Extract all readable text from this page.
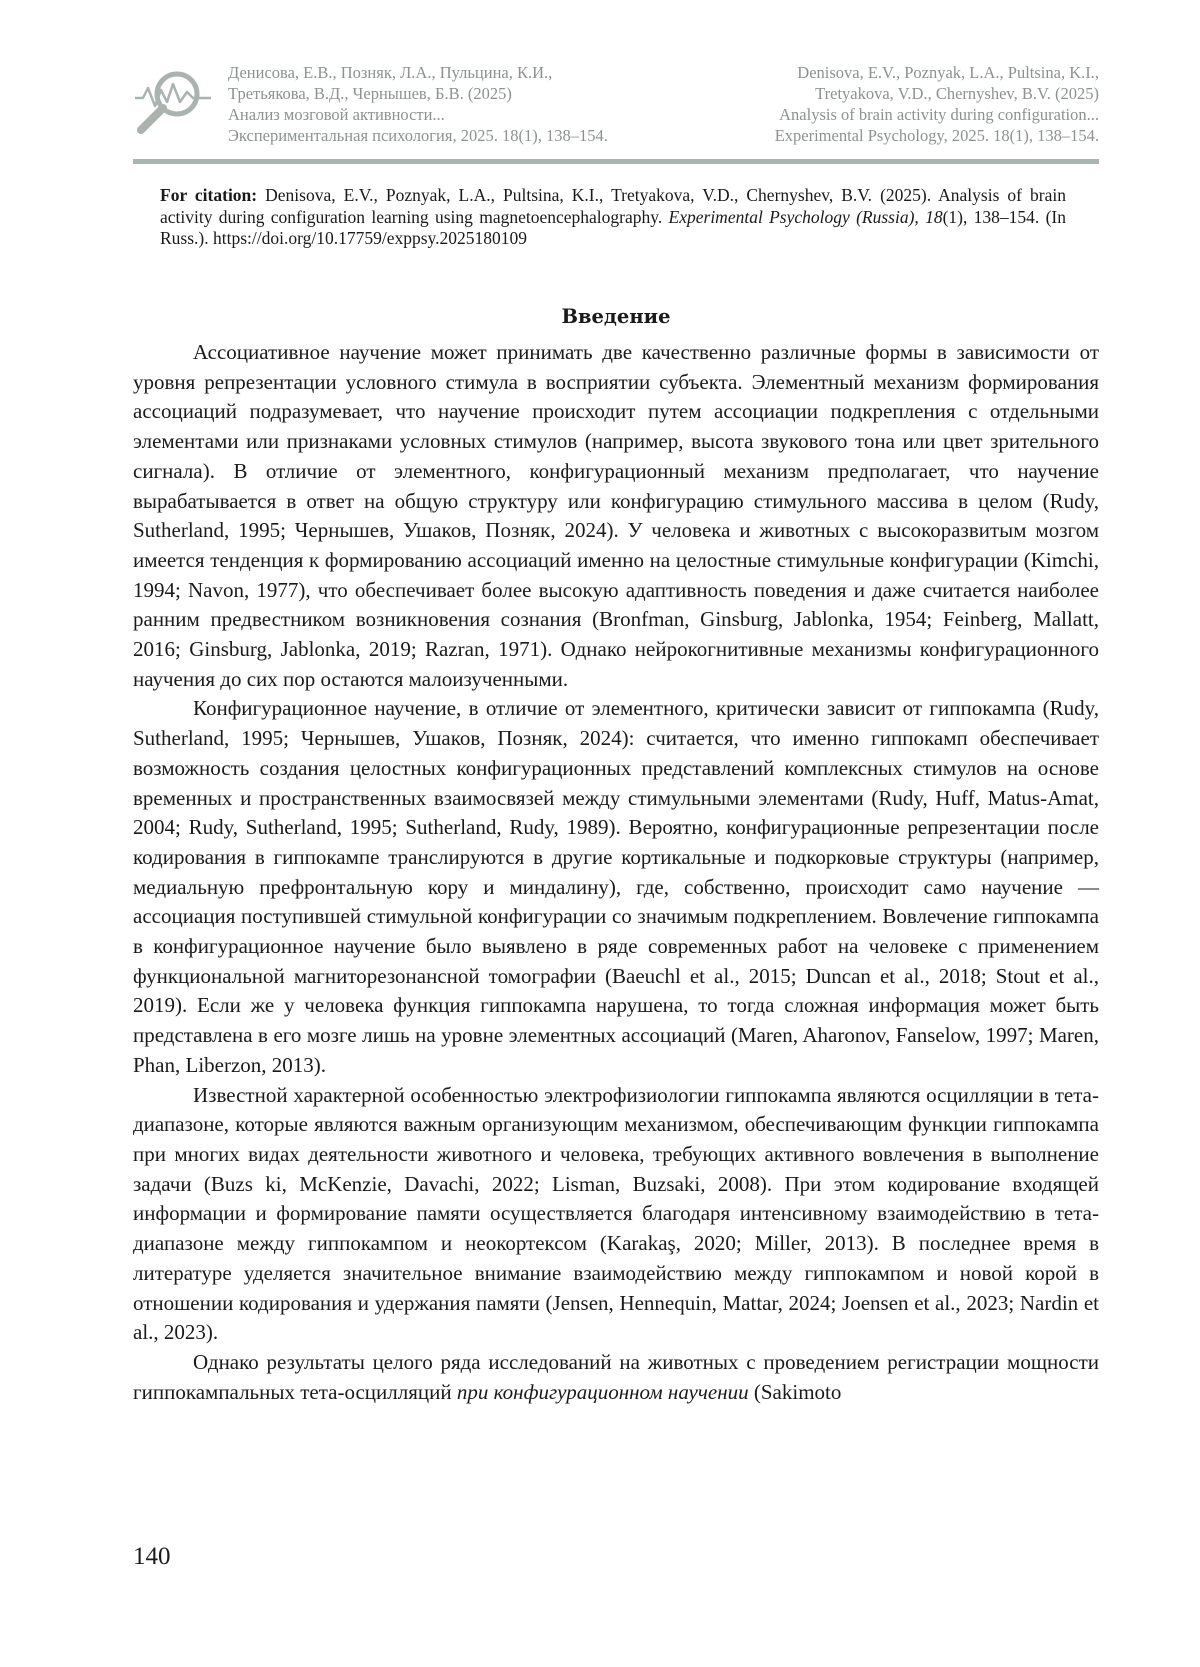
Денисова, Е.В., Позняк, Л.А., Пульцина, К.И.,
Третьякова, В.Д., Чернышев, Б.В. (2025)
Анализ мозговой активности...
Экспериментальная психология, 2025. 18(1), 138–154.
Denisova, E.V., Poznyak, L.A., Pultsina, K.I.,
Tretyakova, V.D., Chernyshev, B.V. (2025)
Analysis of brain activity during configuration...
Experimental Psychology, 2025. 18(1), 138–154.
For citation: Denisova, E.V., Poznyak, L.A., Pultsina, K.I., Tretyakova, V.D., Chernyshev, B.V. (2025). Analysis of brain activity during configuration learning using magnetoencephalography. Experimental Psychology (Russia), 18(1), 138–154. (In Russ.). https://doi.org/10.17759/exppsy.2025180109
Введение

Ассоциативное научение может принимать две качественно различные формы в зависимости от уровня репрезентации условного стимула в восприятии субъекта. Элементный механизм формирования ассоциаций подразумевает, что научение происходит путем ассоциации подкрепления с отдельными элементами или признаками условных стимулов (например, высота звукового тона или цвет зрительного сигнала). В отличие от элементного, конфигурационный механизм предполагает, что научение вырабатывается в ответ на общую структуру или конфигурацию стимульного массива в целом (Rudy, Sutherland, 1995; Чернышев, Ушаков, Позняк, 2024). У человека и животных с высокоразвитым мозгом имеется тенденция к формированию ассоциаций именно на целостные стимульные конфигурации (Kimchi, 1994; Navon, 1977), что обеспечивает более высокую адаптивность поведения и даже считается наиболее ранним предвестником возникновения сознания (Bronfman, Ginsburg, Jablonka, 1954; Feinberg, Mallatt, 2016; Ginsburg, Jablonka, 2019; Razran, 1971). Однако нейрокогнитивные механизмы конфигурационного научения до сих пор остаются малоизученными.

Конфигурационное научение, в отличие от элементного, критически зависит от гиппокампа (Rudy, Sutherland, 1995; Чернышев, Ушаков, Позняк, 2024): считается, что именно гиппокамп обеспечивает возможность создания целостных конфигурационных представлений комплексных стимулов на основе временных и пространственных взаимосвязей между стимульными элементами (Rudy, Huff, Matus-Amat, 2004; Rudy, Sutherland, 1995; Sutherland, Rudy, 1989). Вероятно, конфигурационные репрезентации после кодирования в гиппокампе транслируются в другие кортикальные и подкорковые структуры (например, медиальную префронтальную кору и миндалину), где, собственно, происходит само научение — ассоциация поступившей стимульной конфигурации со значимым подкреплением. Вовлечение гиппокампа в конфигурационное научение было выявлено в ряде современных работ на человеке с применением функциональной магниторезонансной томографии (Baeuchl et al., 2015; Duncan et al., 2018; Stout et al., 2019). Если же у человека функция гиппокампа нарушена, то тогда сложная информация может быть представлена в его мозге лишь на уровне элементных ассоциаций (Maren, Aharonov, Fanselow, 1997; Maren, Phan, Liberzon, 2013).

Известной характерной особенностью электрофизиологии гиппокампа являются осцилляции в тета-диапазоне, которые являются важным организующим механизмом, обеспечивающим функции гиппокампа при многих видах деятельности животного и человека, требующих активного вовлечения в выполнение задачи (Buzs ki, McKenzie, Davachi, 2022; Lisman, Buzsaki, 2008). При этом кодирование входящей информации и формирование памяти осуществляется благодаря интенсивному взаимодействию в тета-диапазоне между гиппокампом и неокортексом (Karakaş, 2020; Miller, 2013). В последнее время в литературе уделяется значительное внимание взаимодействию между гиппокампом и новой корой в отношении кодирования и удержания памяти (Jensen, Hennequin, Mattar, 2024; Joensen et al., 2023; Nardin et al., 2023).

Однако результаты целого ряда исследований на животных с проведением регистрации мощности гиппокампальных тета-осцилляций при конфигурационном научении (Sakimoto

140
